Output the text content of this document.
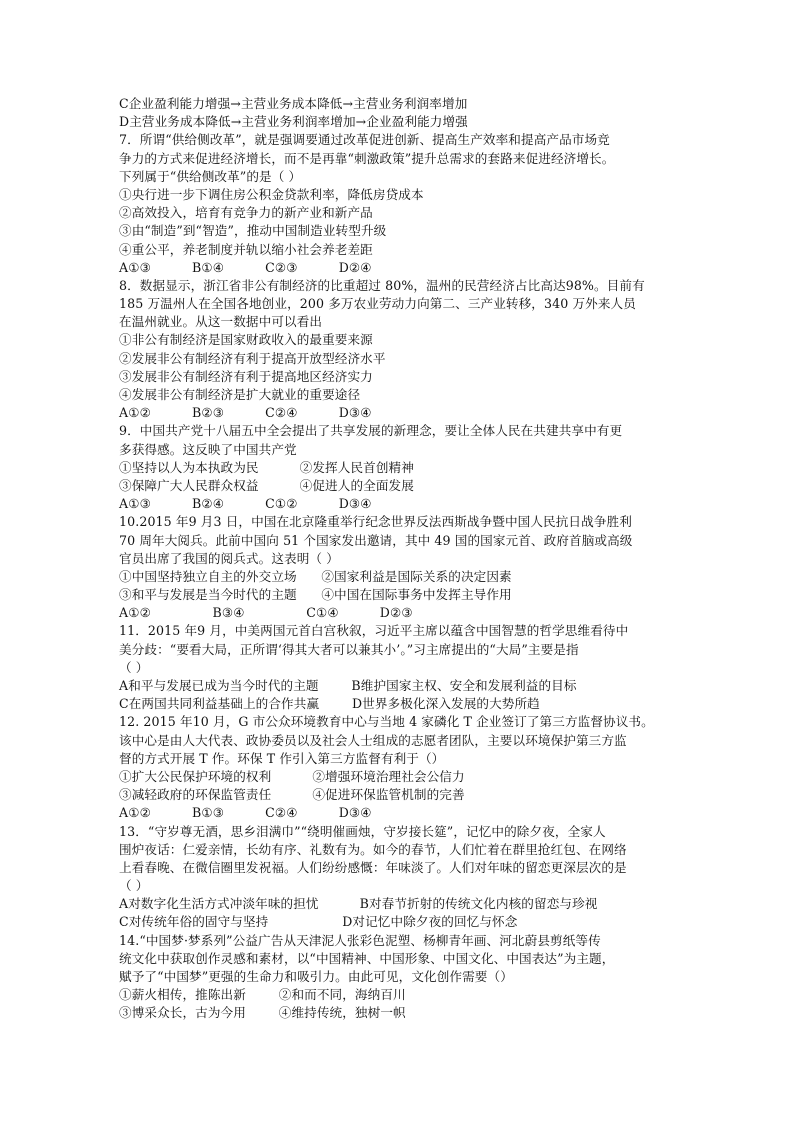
C企业盈利能力增强→主营业务成本降低→主营业务利润率增加
D主营业务成本降低→主营业务利润率增加→企业盈利能力增强
7．所谓“供给侧改革”，就是强调要通过改革促进创新、提高生产效率和提高产品市场竞
争力的方式来促进经济增长，而不是再靠“刺激政策”提升总需求的套路来促进经济增长。
下列属于“供给侧改革”的是（ ）
①央行进一步下调住房公积金贷款利率，降低房贷成本
②高效投入，培育有竞争力的新产业和新产品
③由“制造”到“智造”，推动中国制造业转型升级
④重公平，养老制度并轨以缩小社会养老差距
A①③          B①④          C②③          D②④
8．数据显示，浙江省非公有制经济的比重超过 80%，温州的民营经济占比高达98%。目前有
185 万温州人在全国各地创业，200 多万农业劳动力向第二、三产业转移，340 万外来人员
在温州就业。从这一数据中可以看出
①非公有制经济是国家财政收入的最重要来源
②发展非公有制经济有利于提高开放型经济水平
③发展非公有制经济有利于提高地区经济实力
④发展非公有制经济是扩大就业的重要途径
A①②          B②③          C②④          D③④
9．中国共产党十八届五中全会提出了共享发展的新理念，要让全体人民在共建共享中有更
多获得感。这反映了中国共产党
①坚持以人为本执政为民          ②发挥人民首创精神
③保障广大人民群众权益          ④促进人的全面发展
A①③          B②④          C①②          D③④
10.2015 年9 月3 日，中国在北京隆重举行纪念世界反法西斯战争暨中国人民抗日战争胜利
70 周年大阅兵。此前中国向 51 个国家发出邀请，其中 49 国的国家元首、政府首脑或高级
官员出席了我国的阅兵式。这表明（ ）
①中国坚持独立自主的外交立场      ②国家利益是国际关系的决定因素
③和平与发展是当今时代的主题      ④中国在国际事务中发挥主导作用
A①②               B③④               C①④          D②③
11．2015 年9 月，中美两国元首白宫秋叙，习近平主席以蕴含中国智慧的哲学思维看待中
美分歧：“要看大局，正所谓‘得其大者可以兼其小’。”习主席提出的“大局”主要是指
（ ）
A和平与发展已成为当今时代的主题        B维护国家主权、安全和发展利益的目标
C在两国共同利益基础上的合作共赢        D世界多极化深入发展的大势所趋
12. 2015 年10 月，G 市公众环境教育中心与当地 4 家磷化 T 企业签订了第三方监督协议书。
该中心是由人大代表、政协委员以及社会人士组成的志愿者团队，主要以环境保护第三方监
督的方式开展 T 作。环保 T 作引入第三方监督有利于（）
①扩大公民保护环境的权利          ②增强环境治理社会公信力
③减轻政府的环保监管责任          ④促进环保监管机制的完善
A①②          B①③          C②④          D③④
13．“守岁尊无酒，思乡泪满巾”“绕明催画烛，守岁接长筵”，记忆中的除夕夜，全家人
围炉夜话：仁爱亲情，长幼有序、礼数有为。如今的春节，人们忙着在群里抢红包、在网络
上看春晚、在微信圈里发祝福。人们纷纷感慨：年味淡了。人们对年味的留恋更深层次的是
（ ）
A对数字化生活方式冲淡年味的担忧          B对春节折射的传统文化内核的留恋与珍视
C对传统年俗的固守与坚持                  D对记忆中除夕夜的回忆与怀念
14.“中国梦·梦系列”公益广告从天津泥人张彩色泥塑、杨柳青年画、河北蔚县剪纸等传
统文化中获取创作灵感和素材，以“中国精神、中国形象、中国文化、中国表达”为主题，
赋予了“中国梦”更强的生命力和吸引力。由此可见，文化创作需要（）
①薪火相传，推陈出新        ②和而不同，海纳百川
③博采众长，古为今用        ④维持传统，独树一帜
